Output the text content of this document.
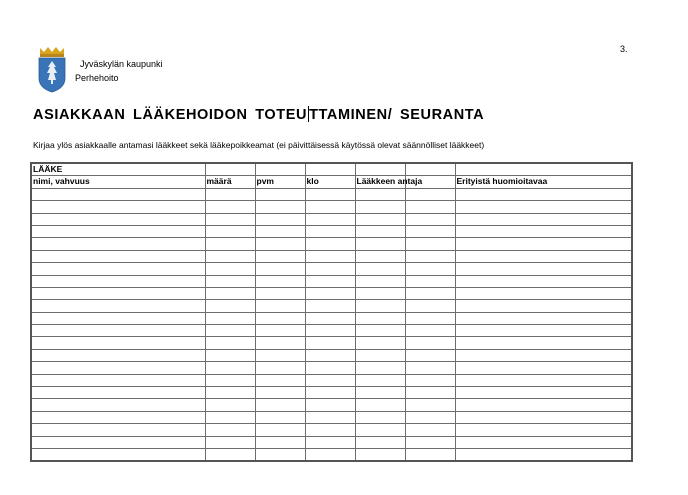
3.
Jyväskylän kaupunki
Perhehoito
ASIAKKAAN LÄÄKEHOIDON TOTEU TTAMINEN/ SEURANTA
Kirjaa ylös asiakkaalle antamasi lääkkeet sekä lääkepoikkeamat (ei päivittäisessä käytössä olevat säännölliset lääkkeet)
LÄÄKE						
nimi, vahvuus	määrä	pvm	klo	Lääkkeen antaja		Erityistä huomioitavaa
